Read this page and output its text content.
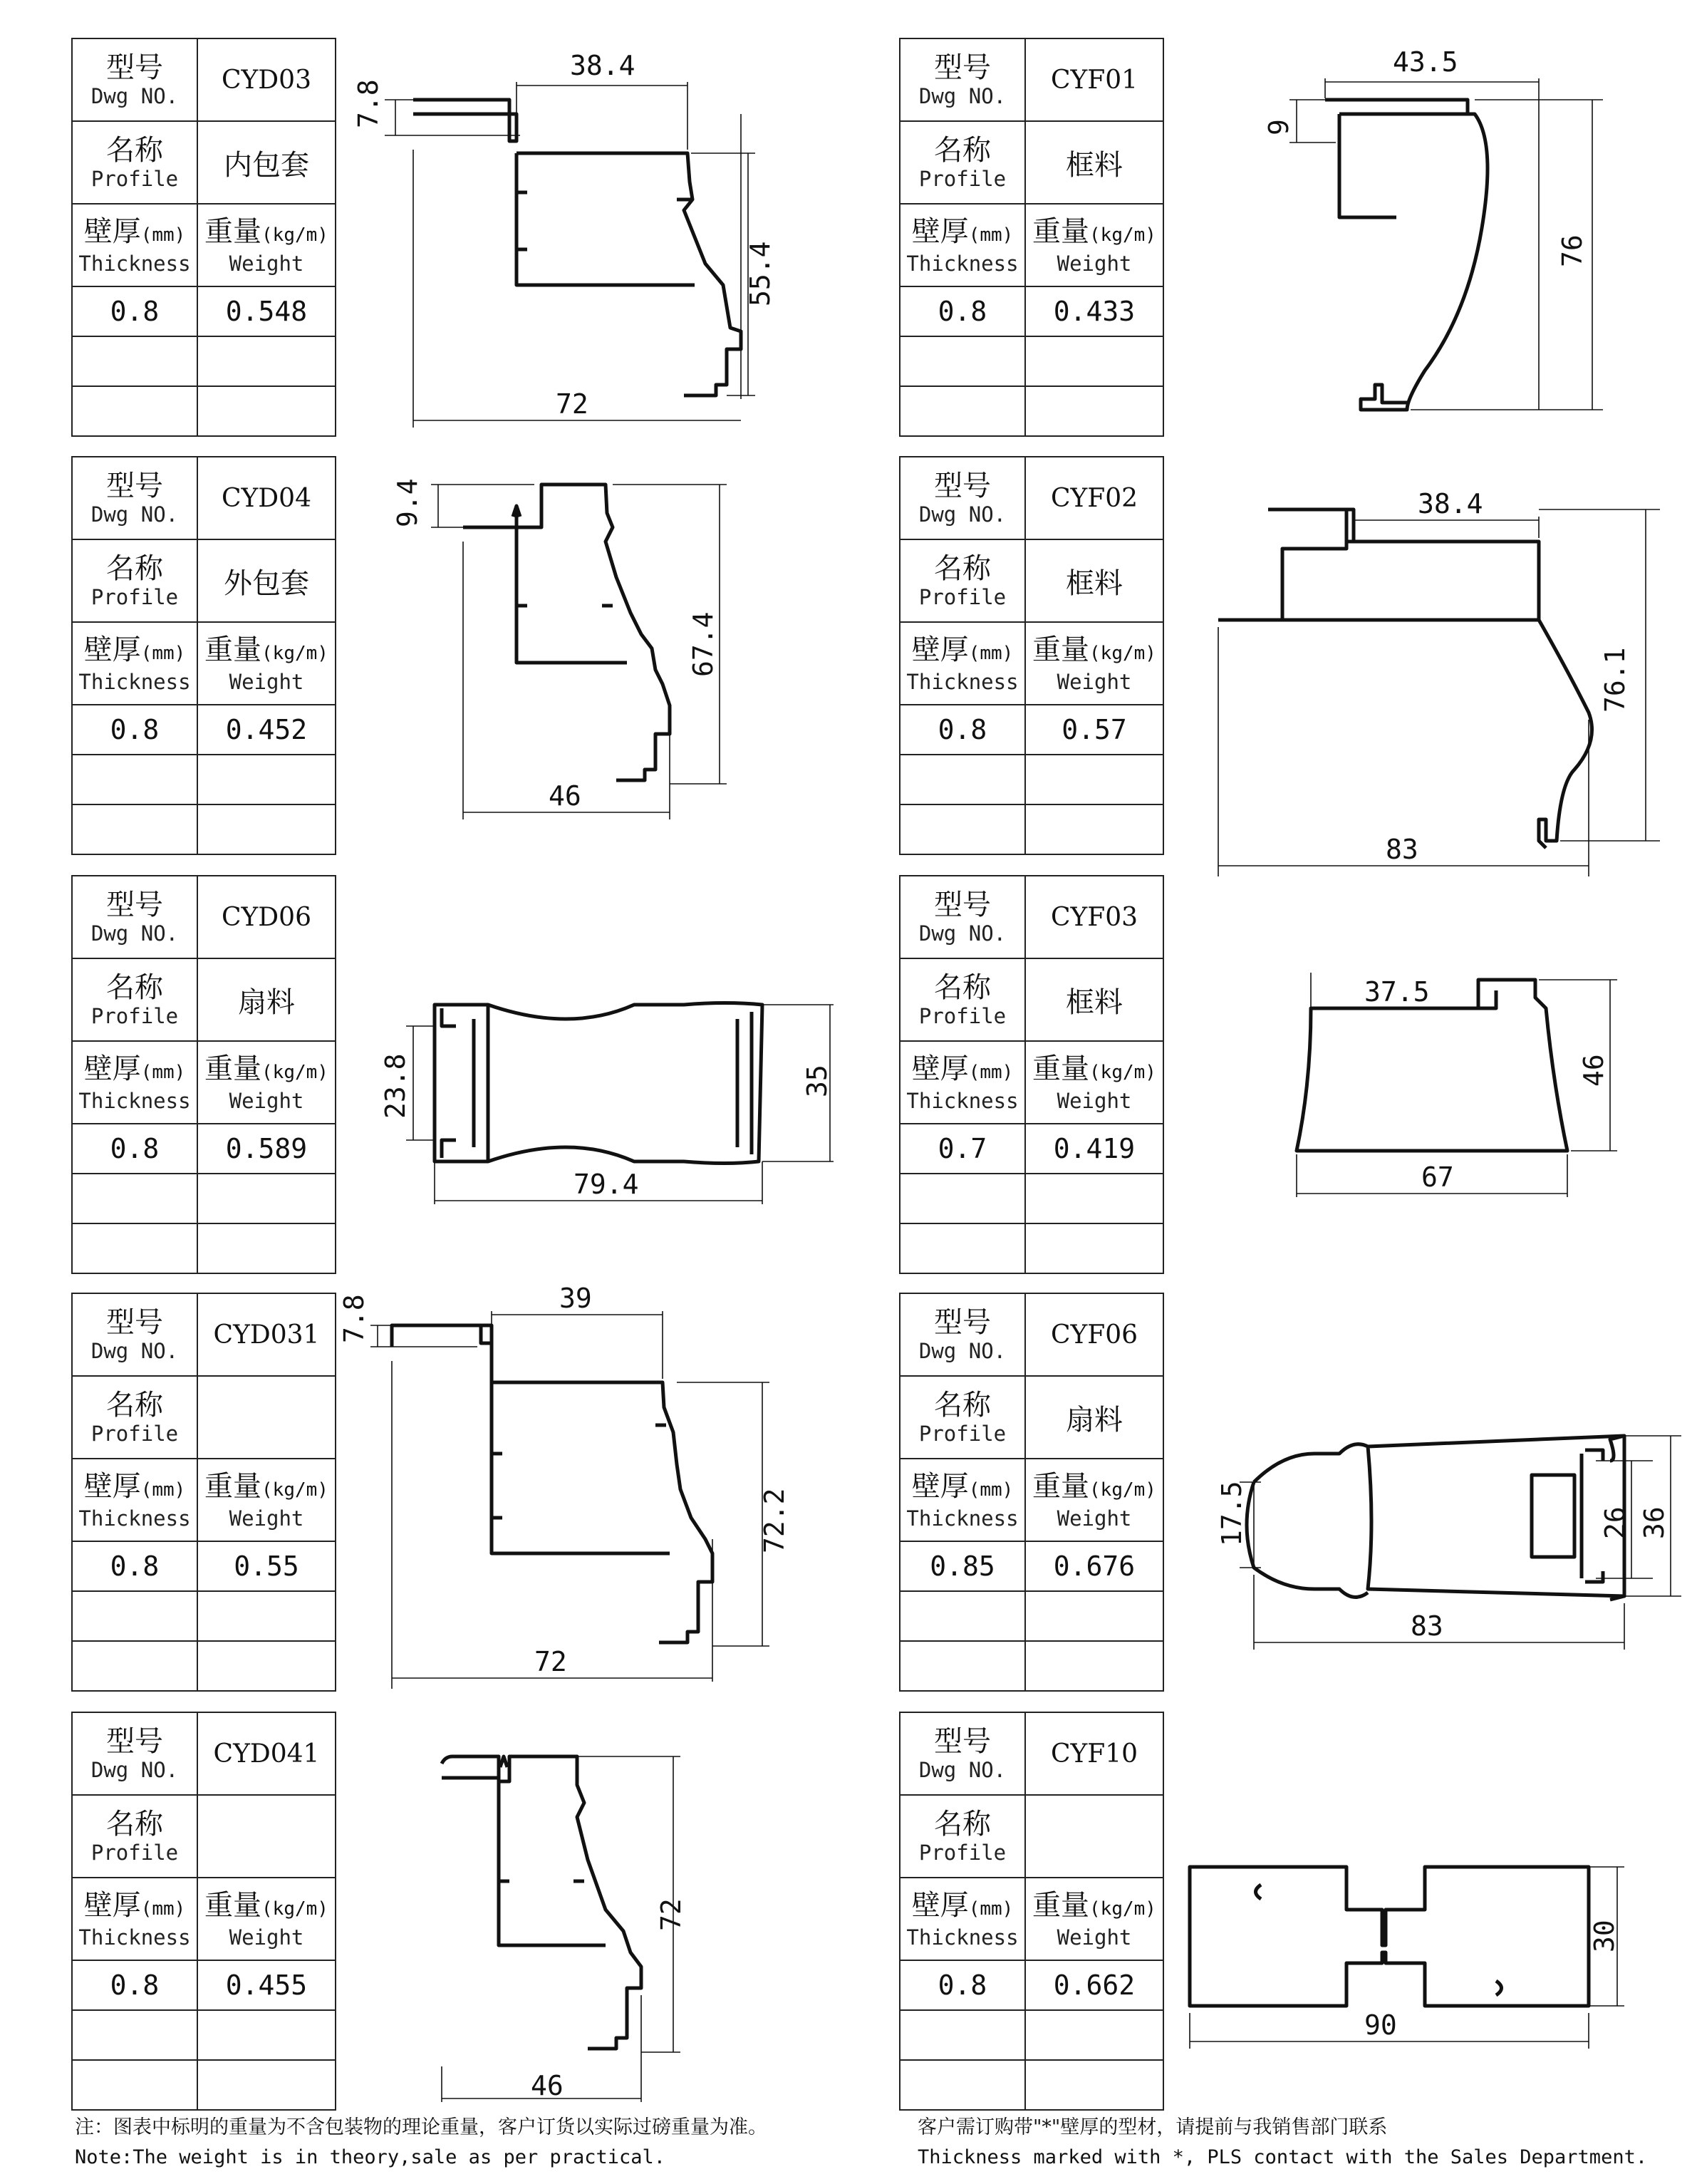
型号
Dwg NO.	CYD03

名称
Profile	内包套

壁厚(mm)
Thickness	重量(kg/m)
Weight

0.8	0.548

型号
Dwg NO.	CYD04

名称
Profile	外包套

壁厚(mm)
Thickness	重量(kg/m)
Weight

0.8	0.452

型号
Dwg NO.	CYD06

名称
Profile	扇料

壁厚(mm)
Thickness	重量(kg/m)
Weight

0.8	0.589

型号
Dwg NO.	CYD031

名称
Profile	

壁厚(mm)
Thickness	重量(kg/m)
Weight

0.8	0.55

型号
Dwg NO.	CYD041

名称
Profile	

壁厚(mm)
Thickness	重量(kg/m)
Weight

0.8	0.455

型号
Dwg NO.	CYF01

名称
Profile	框料

壁厚(mm)
Thickness	重量(kg/m)
Weight

0.8	0.433

型号
Dwg NO.	CYF02

名称
Profile	框料

壁厚(mm)
Thickness	重量(kg/m)
Weight

0.8	0.57

型号
Dwg NO.	CYF03

名称
Profile	框料

壁厚(mm)
Thickness	重量(kg/m)
Weight

0.7	0.419

型号
Dwg NO.	CYF06

名称
Profile	扇料

壁厚(mm)
Thickness	重量(kg/m)
Weight

0.85	0.676

型号
Dwg NO.	CYF10

名称
Profile	

壁厚(mm)
Thickness	重量(kg/m)
Weight

0.8	0.662

38.4
7.8
55.4
72
9.4
67.4
46
23.8	35
79.4
39
7.8
72.2
72
72
46
43.5
9
76
38.4
76.1
83
37.5
46
67
17.5	26 36
83
30
90
注：图表中标明的重量为不含包装物的理论重量，客户订货以实际过磅重量为准。
Note:The weight is in theory,sale as per practical.
客户需订购带"*"壁厚的型材，请提前与我销售部门联系
Thickness marked with *, PLS contact with the Sales Department.
